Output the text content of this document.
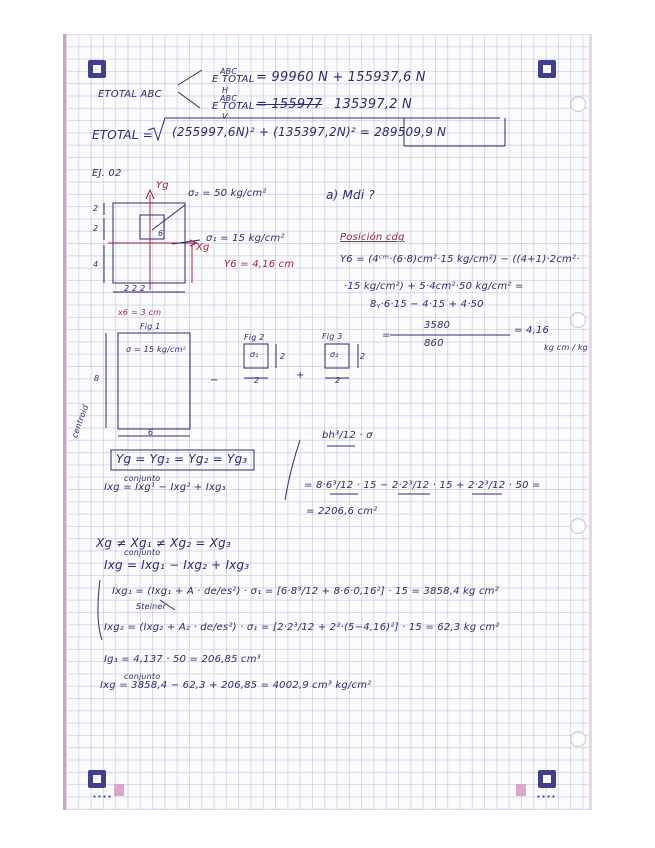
ETOTAL ABC
ABC
E TOTAL
H
= 99960 N + 155937,6 N
ABC
E TOTAL
V
= 155977 135397,2 N
ETOTAL = (255997,6N)² + (135397,2N)² = 289509,9 N
EJ. 02
Yg
σ₂ = 50 kg/cm²
σ₁ = 15 kg/cm²
Xg
Y6 = 4,16 cm
2
2
4
2 2 2
6
x6 = 3 cm
a) Mdi ?
Posición cdg
Y6 = (4ᶜᵐ·(6·8)cm²·15 kg/cm²) − ((4+1)·2cm²·
·15 kg/cm²) + 5·4cm²·50 kg/cm² =
8ᵧ·6·15 − 4·15 + 4·50
3580
860
= 4,16
kg cm / kg
Fig 1
σ = 15 kg/cm²
8
6
−
Fig 2
σ₁	2
2	+
Fig 3
σ₂	2
2
=
centroid
Yg = Yg₁ = Yg₂ = Yg₃
conjunto
Ixg = Ixg¹ − Ixg² + Ixg₃
bh³/12 · σ
= 8·6³/12 · 15 − 2·2³/12 · 15 + 2·2³/12 · 50 =
= 2206,6 cm²
Xg ≠ Xg₁ ≠ Xg₂ = Xg₃
conjunto
Ixg = Ixg₁ − Ixg₂ + Ixg₃
Ixg₁ = (Ixg₁ + A · de/es²) · σ₁ = [6·8³/12 + 8·6·0,16²] · 15 = 3858,4 kg cm²
Steiner
Ixg₂ = (Ixg₂ + A₂ · de/es²) · σ₁ = [2·2³/12 + 2²·(5−4,16)²] · 15 = 62,3 kg cm²
Ig₃ = 4,137 · 50 = 206,85 cm³
conjunto
Ixg = 3858,4 − 62,3 + 206,85 = 4002,9 cm³ kg/cm²
